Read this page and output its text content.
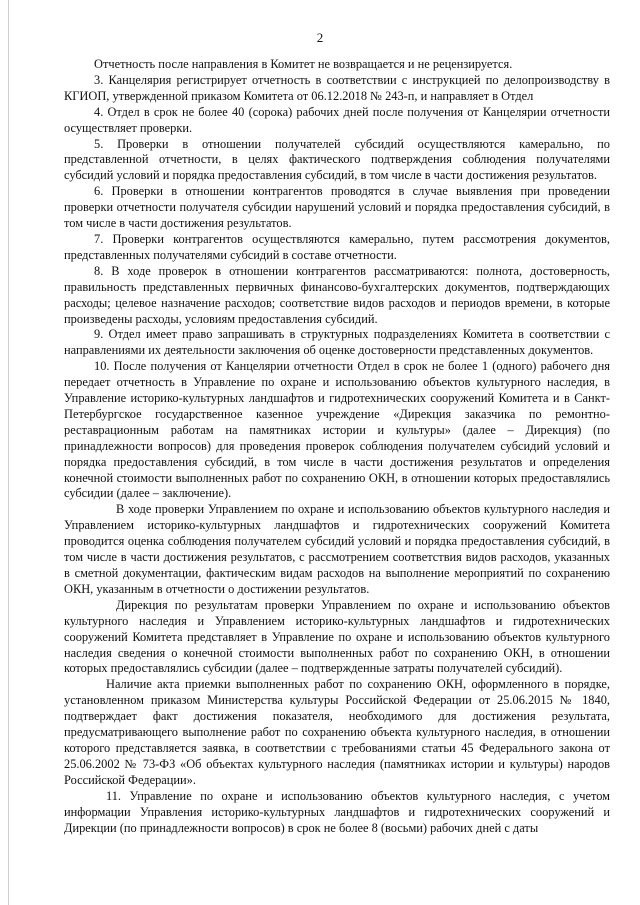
2

Отчетность после направления в Комитет не возвращается и не рецензируется.

3. Канцелярия регистрирует отчетность в соответствии с инструкцией по делопроизводству в КГИОП, утвержденной приказом Комитета от 06.12.2018 № 243-п, и направляет в Отдел

4. Отдел в срок не более 40 (сорока) рабочих дней после получения от Канцелярии отчетности осуществляет проверки.

5. Проверки в отношении получателей субсидий осуществляются камерально, по представленной отчетности, в целях фактического подтверждения соблюдения получателями субсидий условий и порядка предоставления субсидий, в том числе в части достижения результатов.

6. Проверки в отношении контрагентов проводятся в случае выявления при проведении проверки отчетности получателя субсидии нарушений условий и порядка предоставления субсидий, в том числе в части достижения результатов.

7. Проверки контрагентов осуществляются камерально, путем рассмотрения документов, представленных получателями субсидий в составе отчетности.

8. В ходе проверок в отношении контрагентов рассматриваются: полнота, достоверность, правильность представленных первичных финансово-бухгалтерских документов, подтверждающих расходы; целевое назначение расходов; соответствие видов расходов и периодов времени, в которые произведены расходы, условиям предоставления субсидий.

9. Отдел имеет право запрашивать в структурных подразделениях Комитета в соответствии с направлениями их деятельности заключения об оценке достоверности представленных документов.

10. После получения от Канцелярии отчетности Отдел в срок не более 1 (одного) рабочего дня передает отчетность в Управление по охране и использованию объектов культурного наследия, в Управление историко-культурных ландшафтов и гидротехнических сооружений Комитета и в Санкт-Петербургское государственное казенное учреждение «Дирекция заказчика по ремонтно-реставрационным работам на памятниках истории и культуры» (далее – Дирекция) (по принадлежности вопросов) для проведения проверок соблюдения получателем субсидий условий и порядка предоставления субсидий, в том числе в части достижения результатов и определения конечной стоимости выполненных работ по сохранению ОКН, в отношении которых предоставлялись субсидии (далее – заключение).

В ходе проверки Управлением по охране и использованию объектов культурного наследия и Управлением историко-культурных ландшафтов и гидротехнических сооружений Комитета проводится оценка соблюдения получателем субсидий условий и порядка предоставления субсидий, в том числе в части достижения результатов, с рассмотрением соответствия видов расходов, указанных в сметной документации, фактическим видам расходов на выполнение мероприятий по сохранению ОКН, указанным в отчетности о достижении результатов.

Дирекция по результатам проверки Управлением по охране и использованию объектов культурного наследия и Управлением историко-культурных ландшафтов и гидротехнических сооружений Комитета представляет в Управление по охране и использованию объектов культурного наследия сведения о конечной стоимости выполненных работ по сохранению ОКН, в отношении которых предоставлялись субсидии (далее – подтвержденные затраты получателей субсидий).

Наличие акта приемки выполненных работ по сохранению ОКН, оформленного в порядке, установленном приказом Министерства культуры Российской Федерации от 25.06.2015 № 1840, подтверждает факт достижения показателя, необходимого для достижения результата, предусматривающего выполнение работ по сохранению объекта культурного наследия, в отношении которого представляется заявка, в соответствии с требованиями статьи 45 Федерального закона от 25.06.2002 № 73-ФЗ «Об объектах культурного наследия (памятниках истории и культуры) народов Российской Федерации».

11. Управление по охране и использованию объектов культурного наследия, с учетом информации Управления историко-культурных ландшафтов и гидротехнических сооружений и Дирекции (по принадлежности вопросов) в срок не более 8 (восьми) рабочих дней с даты
